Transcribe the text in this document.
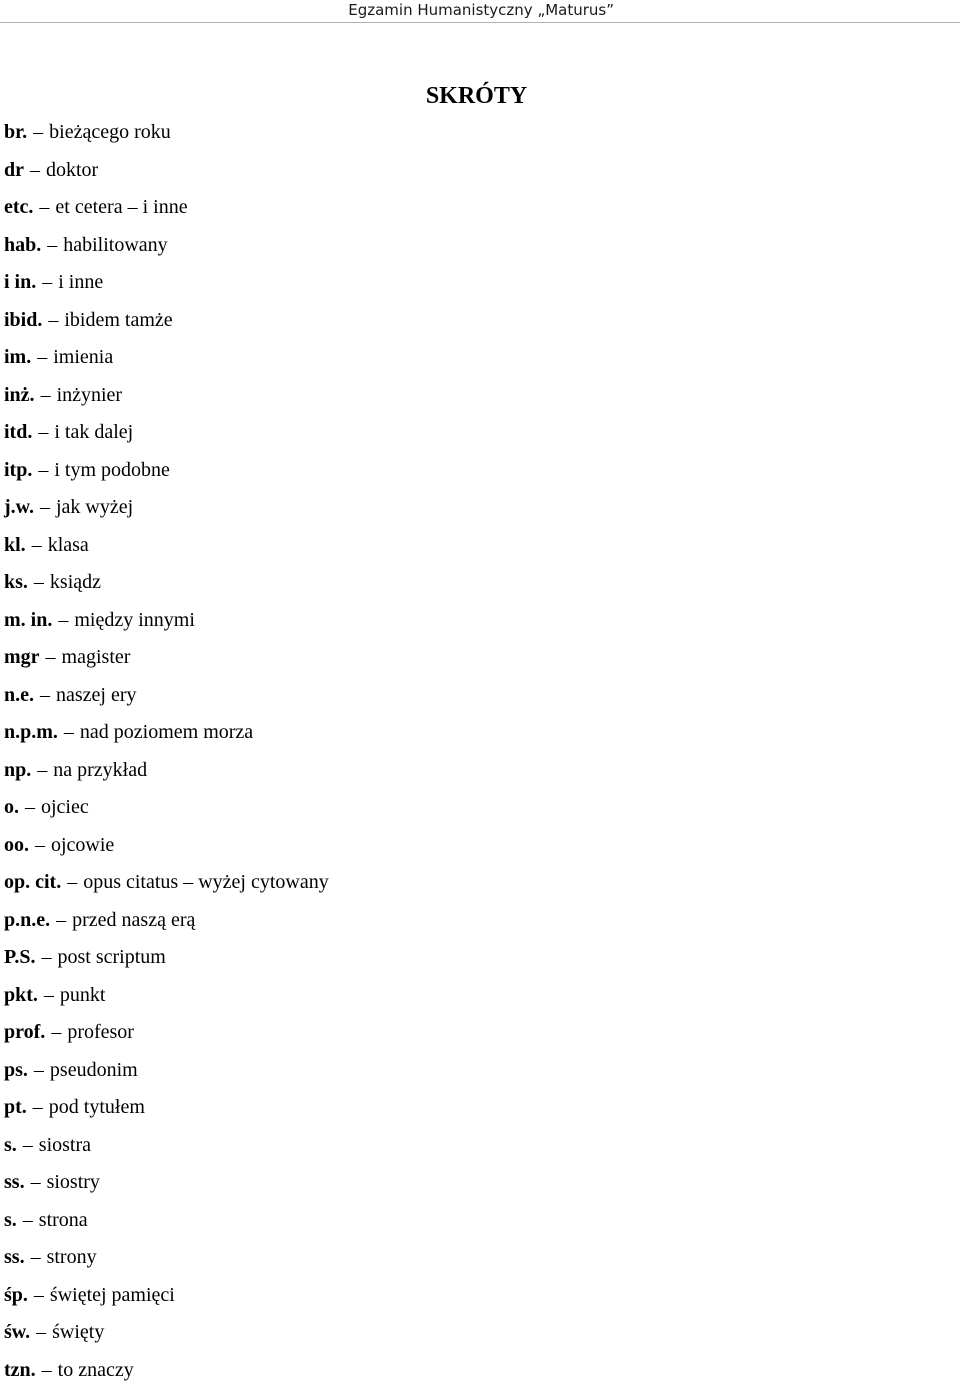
Egzamin Humanistyczny „Maturus”
SKRÓTY
br. – bieżącego roku
dr – doktor
etc. – et cetera – i inne
hab. – habilitowany
i in. – i inne
ibid. – ibidem tamże
im. – imienia
inż. – inżynier
itd. – i tak dalej
itp. – i tym podobne
j.w. – jak wyżej
kl. – klasa
ks. – ksiądz
m. in. – między innymi
mgr – magister
n.e. – naszej ery
n.p.m. – nad poziomem morza
np. – na przykład
o. – ojciec
oo. – ojcowie
op. cit. – opus citatus – wyżej cytowany
p.n.e. – przed naszą erą
P.S. – post scriptum
pkt. – punkt
prof. – profesor
ps. – pseudonim
pt. – pod tytułem
s. – siostra
ss. – siostry
s. – strona
ss. – strony
śp. – świętej pamięci
św. – święty
tzn. – to znaczy
